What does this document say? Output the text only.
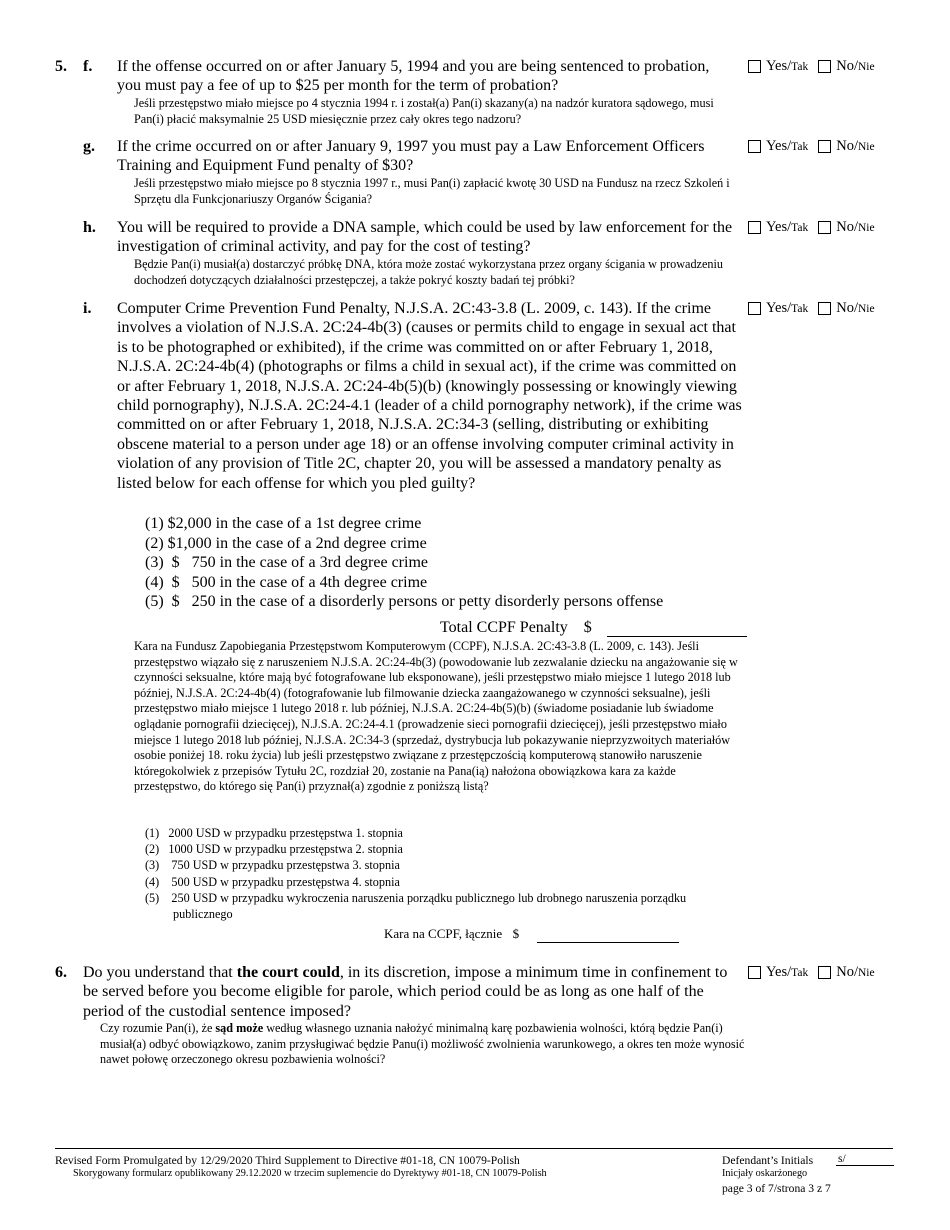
5. f. If the offense occurred on or after January 5, 1994 and you are being sentenced to probation, you must pay a fee of up to $25 per month for the term of probation?
Jeśli przestępstwo miało miejsce po 4 stycznia 1994 r. i został(a) Pan(i) skazany(a) na nadzór kuratora sądowego, musi Pan(i) płacić maksymalnie 25 USD miesięcznie przez cały okres tego nadzoru?
Yes/Tak No/Nie
g. If the crime occurred on or after January 9, 1997 you must pay a Law Enforcement Officers Training and Equipment Fund penalty of $30?
Jeśli przestępstwo miało miejsce po 8 stycznia 1997 r., musi Pan(i) zapłacić kwotę 30 USD na Fundusz na rzecz Szkoleń i Sprzętu dla Funkcjonariuszy Organów Ścigania?
Yes/Tak No/Nie
h. You will be required to provide a DNA sample, which could be used by law enforcement for the investigation of criminal activity, and pay for the cost of testing?
Będzie Pan(i) musiał(a) dostarczyć próbkę DNA, która może zostać wykorzystana przez organy ścigania w prowadzeniu dochodzeń dotyczących działalności przestępczej, a także pokryć koszty badań tej próbki?
Yes/Tak No/Nie
i. Computer Crime Prevention Fund Penalty, N.J.S.A. 2C:43-3.8 (L. 2009, c. 143). If the crime involves a violation of N.J.S.A. 2C:24-4b(3) (causes or permits child to engage in sexual act that is to be photographed or exhibited), if the crime was committed on or after February 1, 2018, N.J.S.A. 2C:24-4b(4) (photographs or films a child in sexual act), if the crime was committed on or after February 1, 2018, N.J.S.A. 2C:24-4b(5)(b) (knowingly possessing or knowingly viewing child pornography), N.J.S.A. 2C:24-4.1 (leader of a child pornography network), if the crime was committed on or after February 1, 2018, N.J.S.A. 2C:34-3 (selling, distributing or exhibiting obscene material to a person under age 18) or an offense involving computer criminal activity in violation of any provision of Title 2C, chapter 20, you will be assessed a mandatory penalty as listed below for each offense for which you pled guilty?
Yes/Tak No/Nie
(1) $2,000 in the case of a 1st degree crime
(2) $1,000 in the case of a 2nd degree crime
(3)  $   750 in the case of a 3rd degree crime
(4)  $   500 in the case of a 4th degree crime
(5)  $   250 in the case of a disorderly persons or petty disorderly persons offense
Total CCPF Penalty $
Kara na Fundusz Zapobiegania Przestępstwom Komputerowym (CCPF), N.J.S.A. 2C:43-3.8 (L. 2009, c. 143). Jeśli przestępstwo wiązało się z naruszeniem N.J.S.A. 2C:24-4b(3) (powodowanie lub zezwalanie dziecku na angażowanie się w czynności seksualne, które mają być fotografowane lub eksponowane), jeśli przestępstwo miało miejsce 1 lutego 2018 lub później, N.J.S.A. 2C:24-4b(4) (fotografowanie lub filmowanie dziecka zaangażowanego w czynności seksualne), jeśli przestępstwo miało miejsce 1 lutego 2018 r. lub później, N.J.S.A. 2C:24-4b(5)(b) (świadome posiadanie lub świadome oglądanie pornografii dziecięcej), N.J.S.A. 2C:24-4.1 (prowadzenie sieci pornografii dziecięcej), jeśli przestępstwo miało miejsce 1 lutego 2018 lub później, N.J.S.A. 2C:34-3 (sprzedaż, dystrybucja lub pokazywanie nieprzyzwoitych materiałów osobie poniżej 18. roku życia) lub jeśli przestępstwo związane z przestępczością komputerową stanowiło naruszenie któregokolwiek z przepisów Tytułu 2C, rozdział 20, zostanie na Pana(ią) nałożona obowiązkowa kara za każde przestępstwo, do którego się Pan(i) przyznał(a) zgodnie z poniższą listą?
(1)   2000 USD w przypadku przestępstwa 1. stopnia
(2)   1000 USD w przypadku przestępstwa 2. stopnia
(3)    750 USD w przypadku przestępstwa 3. stopnia
(4)    500 USD w przypadku przestępstwa 4. stopnia
(5)    250 USD w przypadku wykroczenia naruszenia porządku publicznego lub drobnego naruszenia porządku publicznego
Kara na CCPF, łącznie $
6. Do you understand that the court could, in its discretion, impose a minimum time in confinement to be served before you become eligible for parole, which period could be as long as one half of the period of the custodial sentence imposed?
Czy rozumie Pan(i), że sąd może według własnego uznania nałożyć minimalną karę pozbawienia wolności, którą będzie Pan(i) musiał(a) odbyć obowiązkowo, zanim przysługiwać będzie Panu(i) możliwość zwolnienia warunkowego, a okres ten może wynosić nawet połowę orzeczonego okresu pozbawienia wolności?
Yes/Tak No/Nie
Revised Form Promulgated by 12/29/2020 Third Supplement to Directive #01-18, CN 10079-Polish
Skorygowany formularz opublikowany 29.12.2020 w trzecim suplemencie do Dyrektywy #01-18, CN 10079-Polish
Defendant’s Initials s/
Inicjały oskarżonego
page 3 of 7/strona 3 z 7
